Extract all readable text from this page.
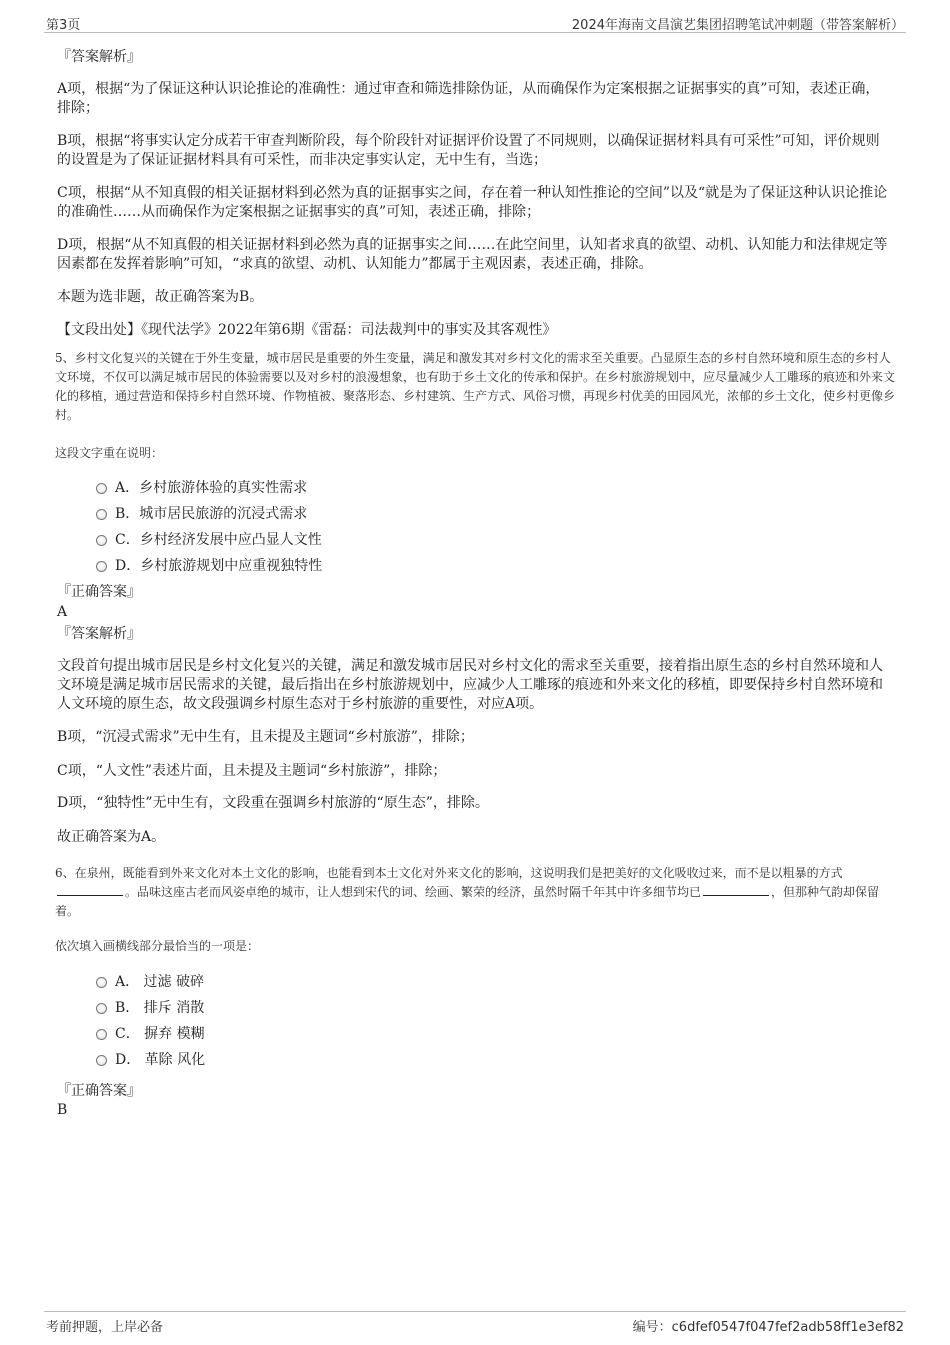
第3页	2024年海南文昌演艺集团招聘笔试冲刺题（带答案解析）

『答案解析』

A项，根据“为了保证这种认识论推论的准确性：通过审查和筛选排除伪证，从而确保作为定案根据之证据事实的真”可知，表述正确，排除；

B项，根据“将事实认定分成若干审查判断阶段，每个阶段针对证据评价设置了不同规则，以确保证据材料具有可采性”可知，评价规则的设置是为了保证证据材料具有可采性，而非决定事实认定，无中生有，当选；

C项，根据“从不知真假的相关证据材料到必然为真的证据事实之间，存在着一种认知性推论的空间”以及“就是为了保证这种认识论推论的准确性……从而确保作为定案根据之证据事实的真”可知，表述正确，排除；

D项，根据“从不知真假的相关证据材料到必然为真的证据事实之间……在此空间里，认知者求真的欲望、动机、认知能力和法律规定等因素都在发挥着影响”可知，“求真的欲望、动机、认知能力”都属于主观因素，表述正确，排除。

本题为选非题，故正确答案为B。

【文段出处】《现代法学》2022年第6期《雷磊：司法裁判中的事实及其客观性》

5、乡村文化复兴的关键在于外生变量，城市居民是重要的外生变量，满足和激发其对乡村文化的需求至关重要。凸显原生态的乡村自然环境和原生态的乡村人文环境，不仅可以满足城市居民的体验需要以及对乡村的浪漫想象，也有助于乡土文化的传承和保护。在乡村旅游规划中，应尽量减少人工雕琢的痕迹和外来文化的移植，通过营造和保持乡村自然环境、作物植被、聚落形态、乡村建筑、生产方式、风俗习惯，再现乡村优美的田园风光，浓郁的乡土文化，使乡村更像乡村。

这段文字重在说明：

A．乡村旅游体验的真实性需求
B．城市居民旅游的沉浸式需求
C．乡村经济发展中应凸显人文性
D．乡村旅游规划中应重视独特性

『正确答案』

A

『答案解析』

文段首句提出城市居民是乡村文化复兴的关键，满足和激发城市居民对乡村文化的需求至关重要，接着指出原生态的乡村自然环境和人文环境是满足城市居民需求的关键，最后指出在乡村旅游规划中，应减少人工雕琢的痕迹和外来文化的移植，即要保持乡村自然环境和人文环境的原生态，故文段强调乡村原生态对于乡村旅游的重要性，对应A项。

B项，“沉浸式需求”无中生有，且未提及主题词“乡村旅游”，排除；

C项，“人文性”表述片面，且未提及主题词“乡村旅游”，排除；

D项，“独特性”无中生有，文段重在强调乡村旅游的“原生态”，排除。

故正确答案为A。

6、在泉州，既能看到外来文化对本土文化的影响，也能看到本土文化对外来文化的影响，这说明我们是把美好的文化吸收过来，而不是以粗暴的方式。品味这座古老而风姿卓绝的城市，让人想到宋代的词、绘画、繁荣的经济，虽然时隔千年其中许多细节均已	，但那种气韵却保留着。

依次填入画横线部分最恰当的一项是：

A． 过滤 破碎
B． 排斥 消散
C． 摒弃 模糊
D． 革除 风化

『正确答案』

B

考前押题，上岸必备	编号：c6dfef0547f047fef2adb58ff1e3ef82
